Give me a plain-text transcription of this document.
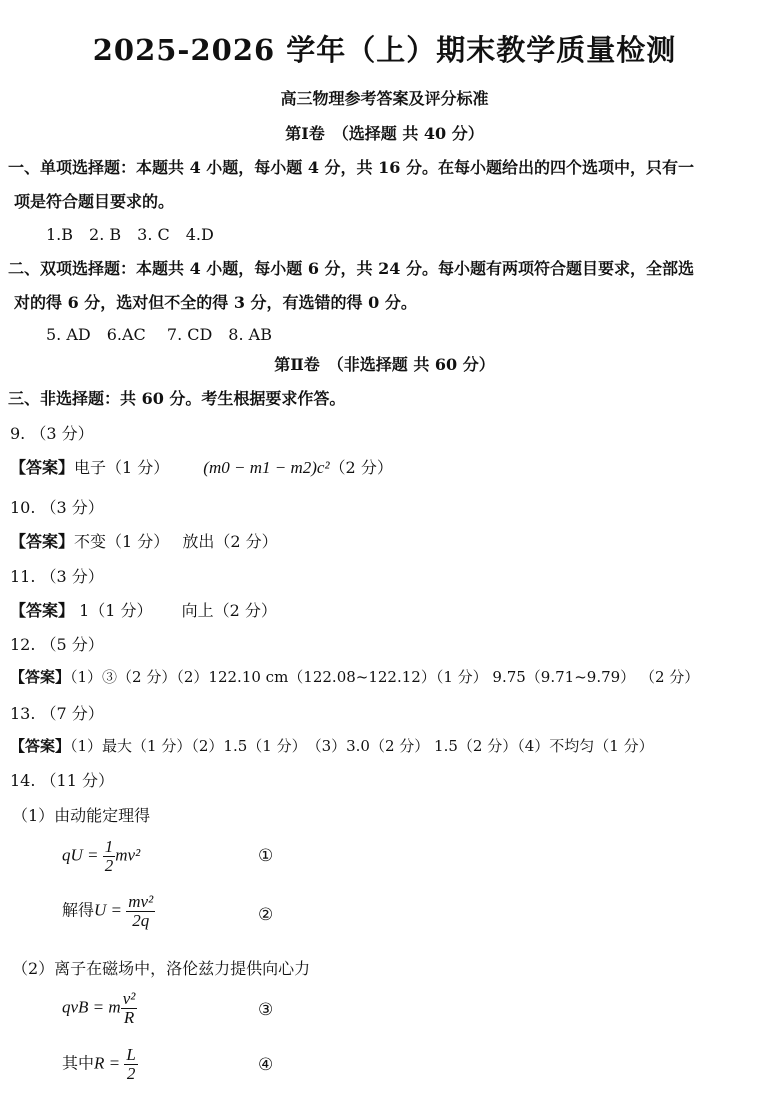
2025-2026 学年（上）期末教学质量检测
高三物理参考答案及评分标准
第Ⅰ卷　（选择题 共 40 分）
一、单项选择题：本题共 4 小题，每小题 4 分，共 16 分。在每小题给出的四个选项中，只有一
项是符合题目要求的。
1.B　2. B　3. C　4.D
二、双项选择题：本题共 4 小题，每小题 6 分，共 24 分。每小题有两项符合题目要求，全部选
对的得 6 分，选对但不全的得 3 分，有选错的得 0 分。
5. AD　6.AC　 7. CD　8. AB
第Ⅱ卷　（非选择题 共 60 分）
三、非选择题：共 60 分。考生根据要求作答。
9. （3 分）
【答案】电子（1 分） (m0 − m1 − m2)c²（2 分）
10. （3 分）
【答案】不变（1 分）　 放出（2 分）
11. （3 分）
【答案】 1（1 分）　　 向上（2 分）
12. （5 分）
【答案】（1）③（2 分）（2）122.10 cm（122.08~122.12）（1 分） 9.75（9.71~9.79） （2 分）
13. （7 分）
【答案】（1）最大（1 分）（2）1.5（1 分）　（3）3.0（2 分） 1.5（2 分）（4）不均匀（1 分）
14. （11 分）
（1）由动能定理得
qU = $\frac{1}{2} mv^2$	①
解得$U = \frac{\text{mv²}}{2q}$	②
（2）离子在磁场中，洛伦兹力提供向心力
qvB = m $\frac{\text{v²}}{R}$	③
其中$R = \frac{L}{2}$	④
